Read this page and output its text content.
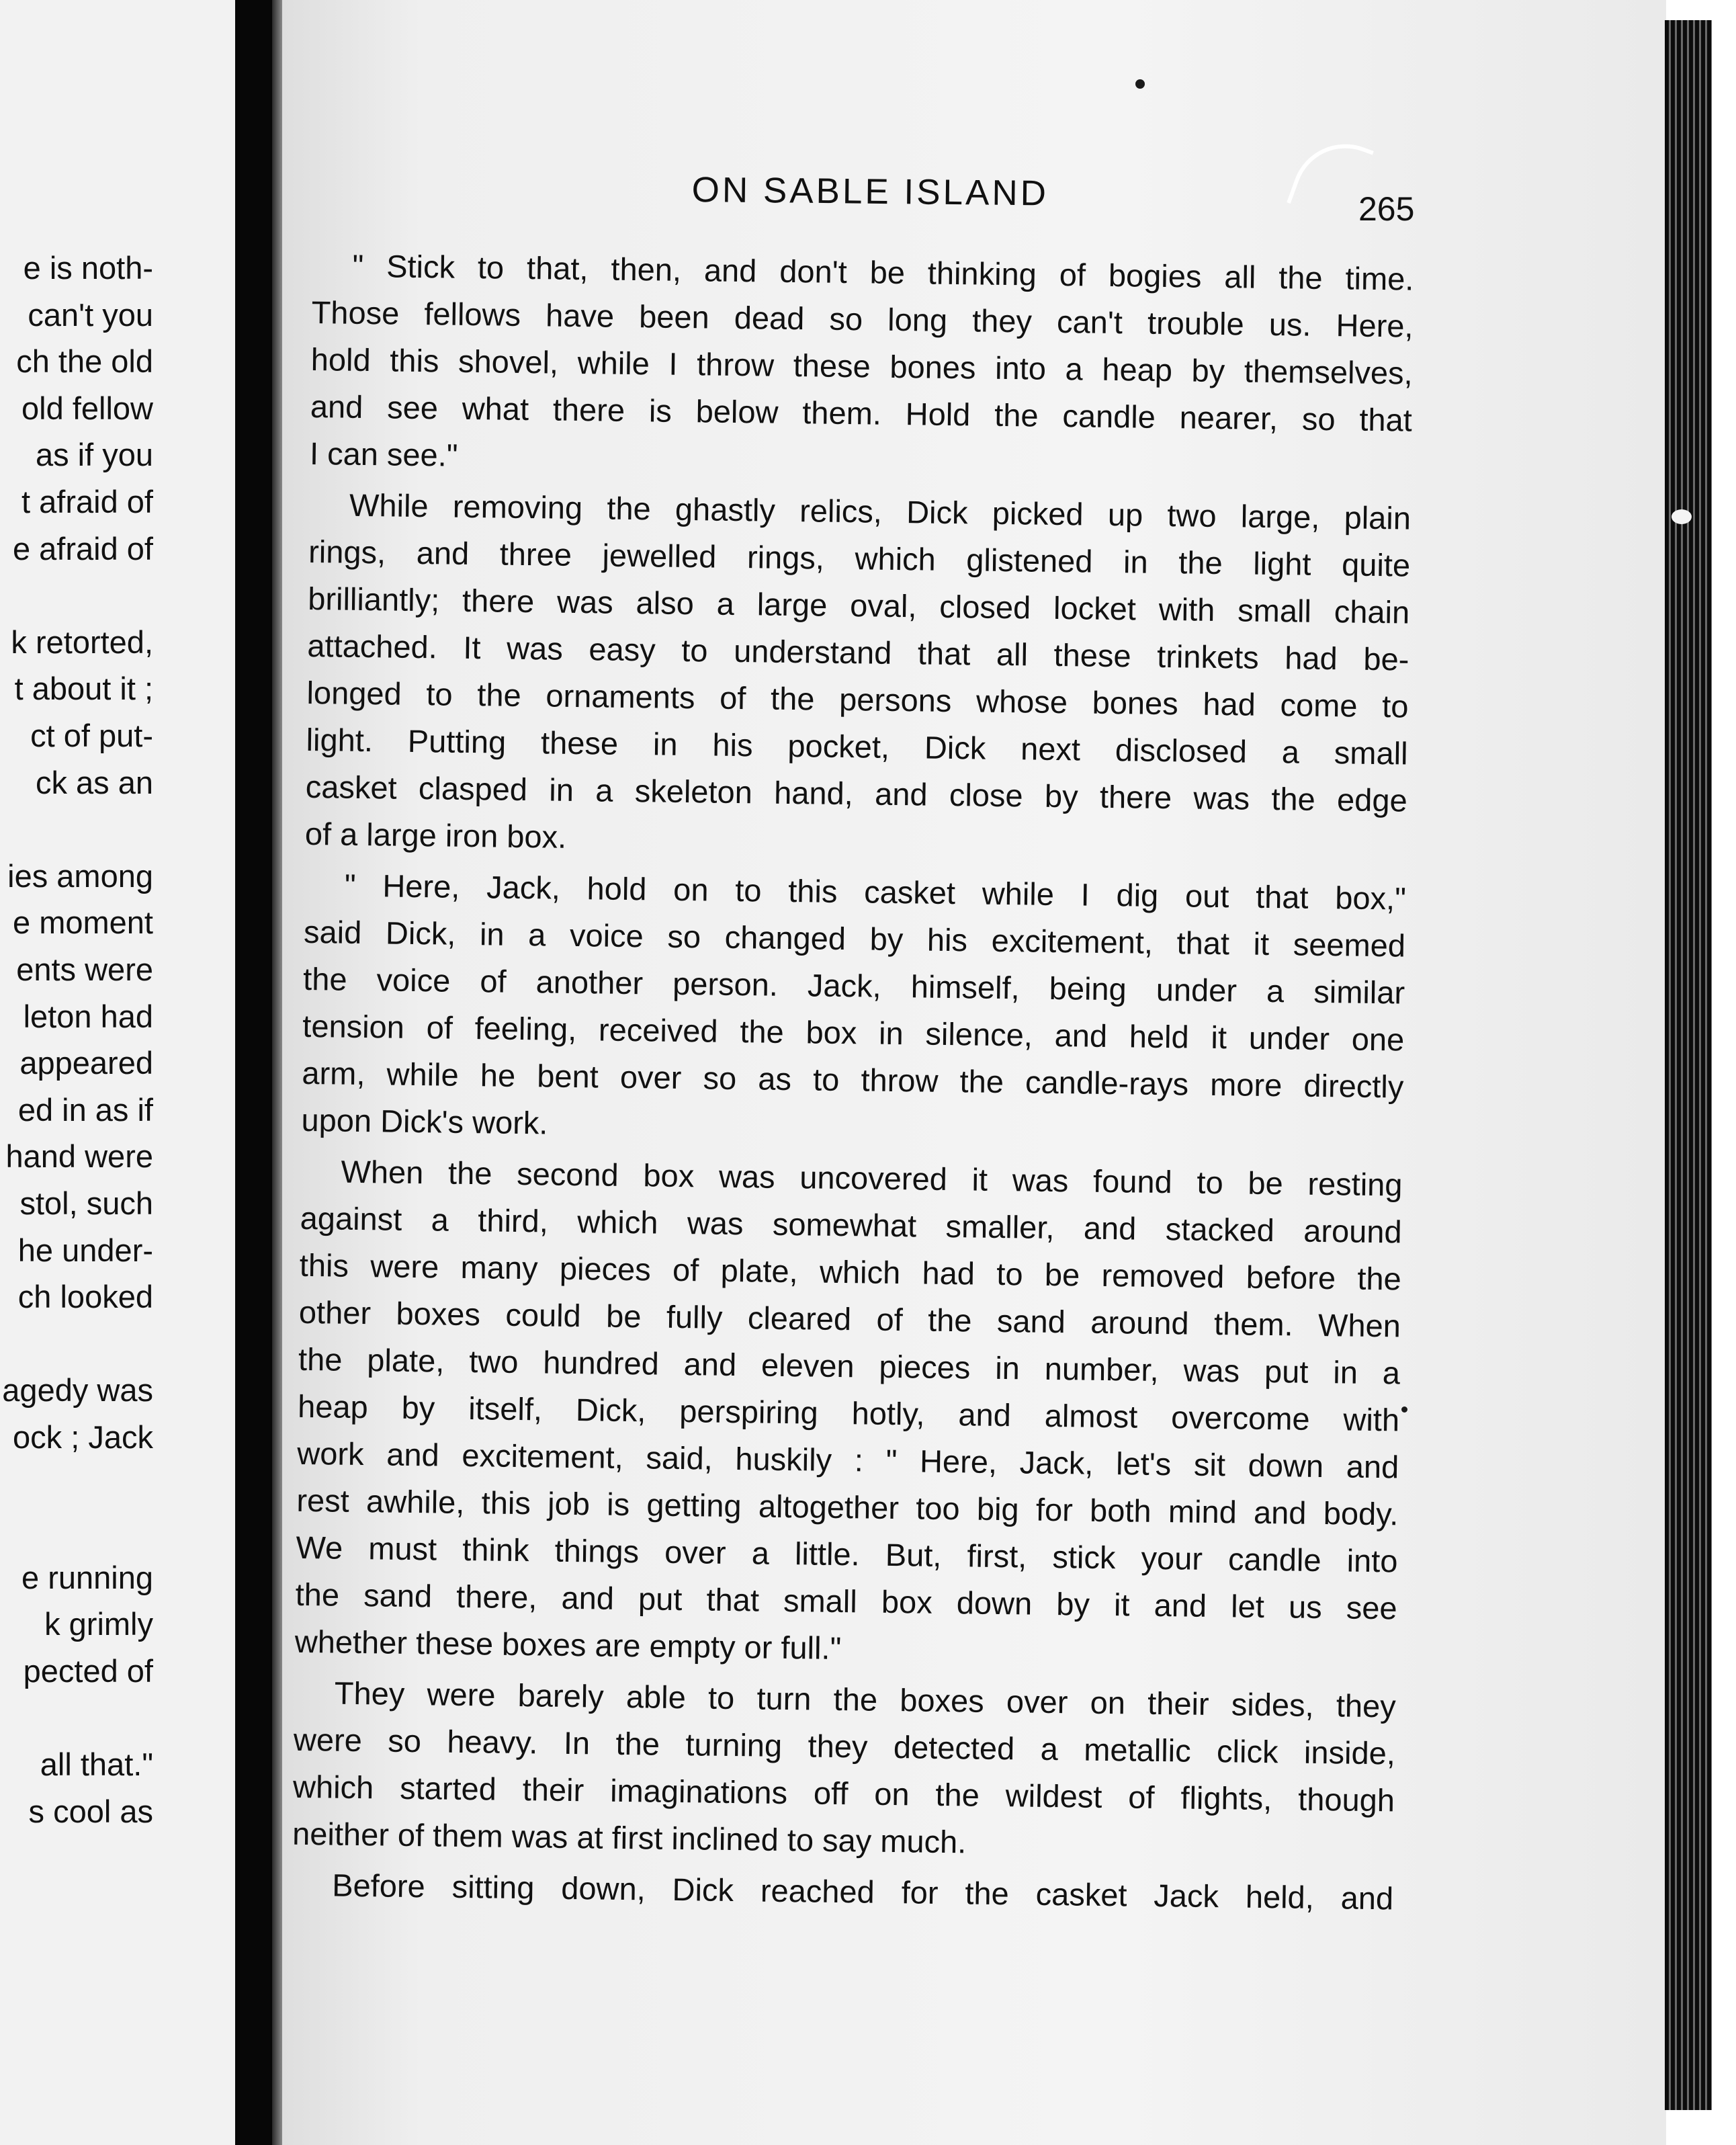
e is noth-
can't you
ch the old
old fellow
as if you
t afraid of
e afraid of
k retorted,
t about it ;
ct of put-
ck as an
ies among
e moment
ents were
leton had
appeared
ed in as if
hand were
stol, such
he under-
ch looked
agedy was
ock ; Jack
e running
k grimly
pected of
all that."
s cool as
ON SABLE ISLAND	265
" Stick to that, then, and don't be thinking of bogies all the time.
Those fellows have been dead so long they can't trouble us. Here,
hold this shovel, while I throw these bones into a heap by themselves,
and see what there is below them. Hold the candle nearer, so that
I can see."
While removing the ghastly relics, Dick picked up two large, plain
rings, and three jewelled rings, which glistened in the light quite
brilliantly; there was also a large oval, closed locket with small chain
attached. It was easy to understand that all these trinkets had be-
longed to the ornaments of the persons whose bones had come to
light. Putting these in his pocket, Dick next disclosed a small
casket clasped in a skeleton hand, and close by there was the edge
of a large iron box.
" Here, Jack, hold on to this casket while I dig out that box,"
said Dick, in a voice so changed by his excitement, that it seemed
the voice of another person. Jack, himself, being under a similar
tension of feeling, received the box in silence, and held it under one
arm, while he bent over so as to throw the candle-rays more directly
upon Dick's work.
When the second box was uncovered it was found to be resting
against a third, which was somewhat smaller, and stacked around
this were many pieces of plate, which had to be removed before the
other boxes could be fully cleared of the sand around them. When
the plate, two hundred and eleven pieces in number, was put in a
heap by itself, Dick, perspiring hotly, and almost overcome with
work and excitement, said, huskily : " Here, Jack, let's sit down and
rest awhile, this job is getting altogether too big for both mind and body.
We must think things over a little. But, first, stick your candle into
the sand there, and put that small box down by it and let us see
whether these boxes are empty or full."
They were barely able to turn the boxes over on their sides, they
were so heavy. In the turning they detected a metallic click inside,
which started their imaginations off on the wildest of flights, though
neither of them was at first inclined to say much.
Before sitting down, Dick reached for the casket Jack held, and
